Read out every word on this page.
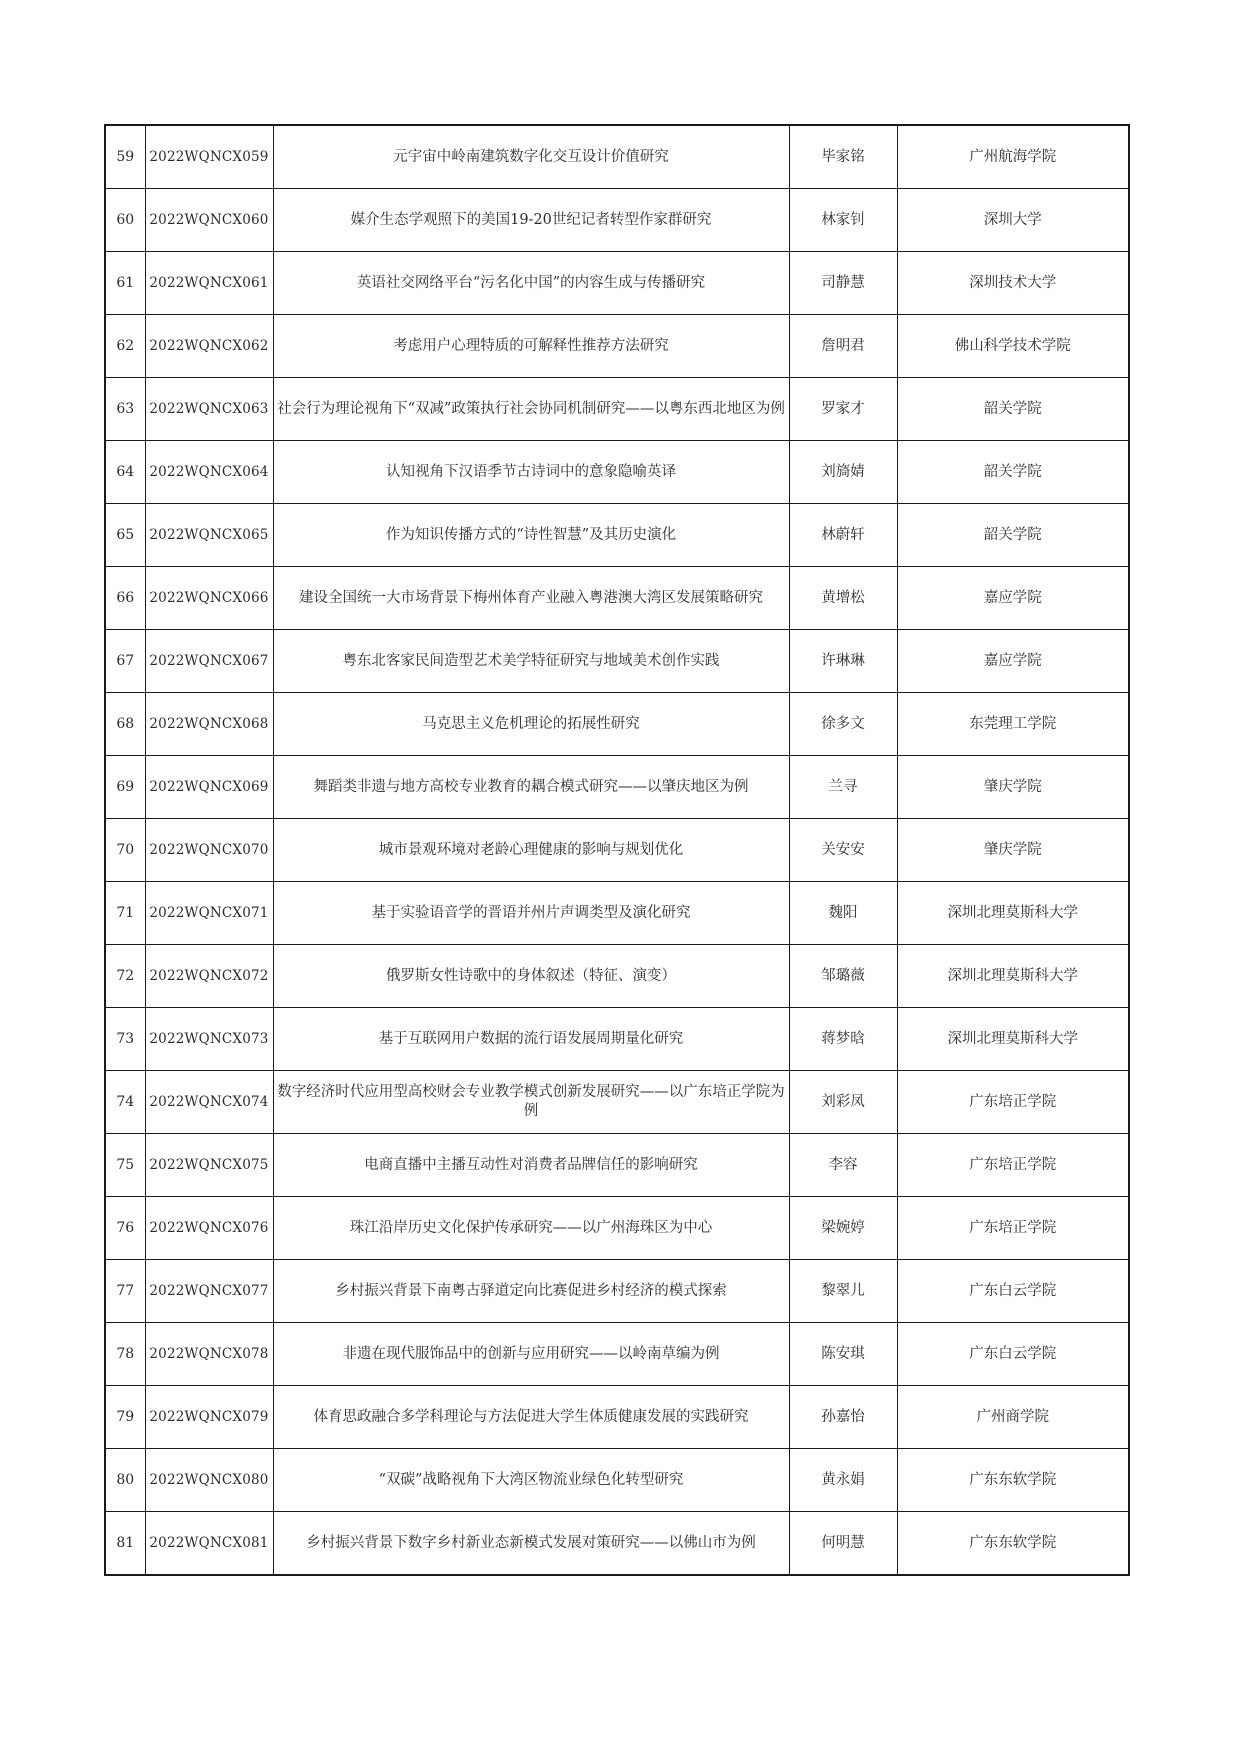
59	2022WQNCX059	元宇宙中岭南建筑数字化交互设计价值研究	毕家铭	广州航海学院
60	2022WQNCX060	媒介生态学观照下的美国19-20世纪记者转型作家群研究	林家钊	深圳大学
61	2022WQNCX061	英语社交网络平台“污名化中国”的内容生成与传播研究	司静慧	深圳技术大学
62	2022WQNCX062	考虑用户心理特质的可解释性推荐方法研究	詹明君	佛山科学技术学院
63	2022WQNCX063	社会行为理论视角下“双减”政策执行社会协同机制研究——以粤东西北地区为例	罗家才	韶关学院
64	2022WQNCX064	认知视角下汉语季节古诗词中的意象隐喻英译	刘旖婧	韶关学院
65	2022WQNCX065	作为知识传播方式的“诗性智慧”及其历史演化	林蔚轩	韶关学院
66	2022WQNCX066	建设全国统一大市场背景下梅州体育产业融入粤港澳大湾区发展策略研究	黄增松	嘉应学院
67	2022WQNCX067	粤东北客家民间造型艺术美学特征研究与地域美术创作实践	许琳琳	嘉应学院
68	2022WQNCX068	马克思主义危机理论的拓展性研究	徐多文	东莞理工学院
69	2022WQNCX069	舞蹈类非遗与地方高校专业教育的耦合模式研究——以肇庆地区为例	兰寻	肇庆学院
70	2022WQNCX070	城市景观环境对老龄心理健康的影响与规划优化	关安安	肇庆学院
71	2022WQNCX071	基于实验语音学的晋语并州片声调类型及演化研究	魏阳	深圳北理莫斯科大学
72	2022WQNCX072	俄罗斯女性诗歌中的身体叙述（特征、演变）	邹璐薇	深圳北理莫斯科大学
73	2022WQNCX073	基于互联网用户数据的流行语发展周期量化研究	蒋梦晗	深圳北理莫斯科大学
74	2022WQNCX074	数字经济时代应用型高校财会专业教学模式创新发展研究——以广东培正学院为例	刘彩凤	广东培正学院
75	2022WQNCX075	电商直播中主播互动性对消费者品牌信任的影响研究	李容	广东培正学院
76	2022WQNCX076	珠江沿岸历史文化保护传承研究——以广州海珠区为中心	梁婉婷	广东培正学院
77	2022WQNCX077	乡村振兴背景下南粤古驿道定向比赛促进乡村经济的模式探索	黎翠儿	广东白云学院
78	2022WQNCX078	非遗在现代服饰品中的创新与应用研究——以岭南草编为例	陈安琪	广东白云学院
79	2022WQNCX079	体育思政融合多学科理论与方法促进大学生体质健康发展的实践研究	孙嘉怡	广州商学院
80	2022WQNCX080	“双碳”战略视角下大湾区物流业绿色化转型研究	黄永娟	广东东软学院
81	2022WQNCX081	乡村振兴背景下数字乡村新业态新模式发展对策研究——以佛山市为例	何明慧	广东东软学院
